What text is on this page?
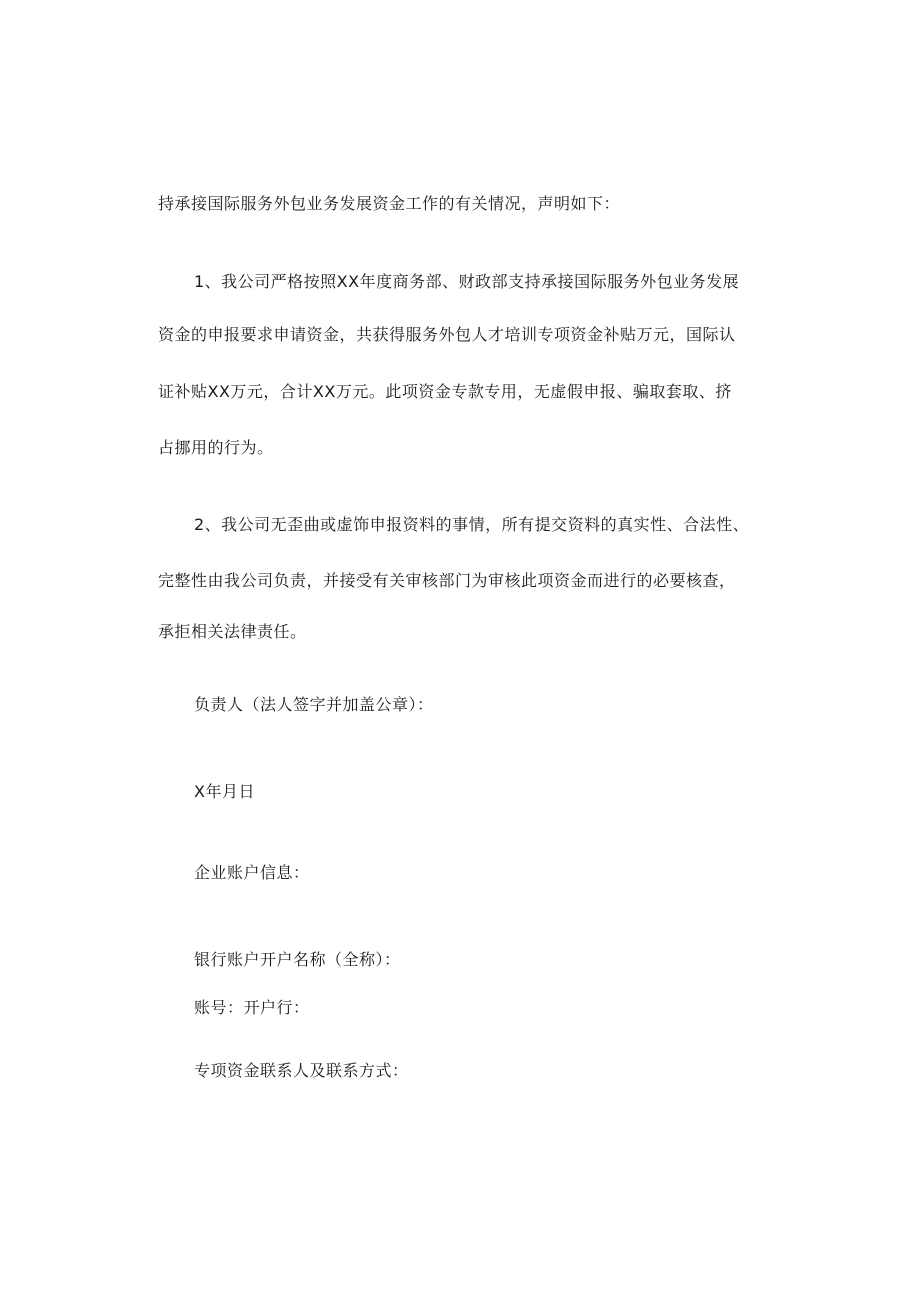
持承接国际服务外包业务发展资金工作的有关情况，声明如下：
1、我公司严格按照XX年度商务部、财政部支持承接国际服务外包业务发展
资金的申报要求申请资金，共获得服务外包人才培训专项资金补贴万元，国际认
证补贴XX万元，合计XX万元。此项资金专款专用，无虚假申报、骗取套取、挤
占挪用的行为。
2、我公司无歪曲或虚饰申报资料的事情，所有提交资料的真实性、合法性、
完整性由我公司负责，并接受有关审核部门为审核此项资金而进行的必要核查，
承拒相关法律责任。
负责人（法人签字并加盖公章）：
X年月日
企业账户信息：
银行账户开户名称（全称）：
账号：开户行：
专项资金联系人及联系方式：
